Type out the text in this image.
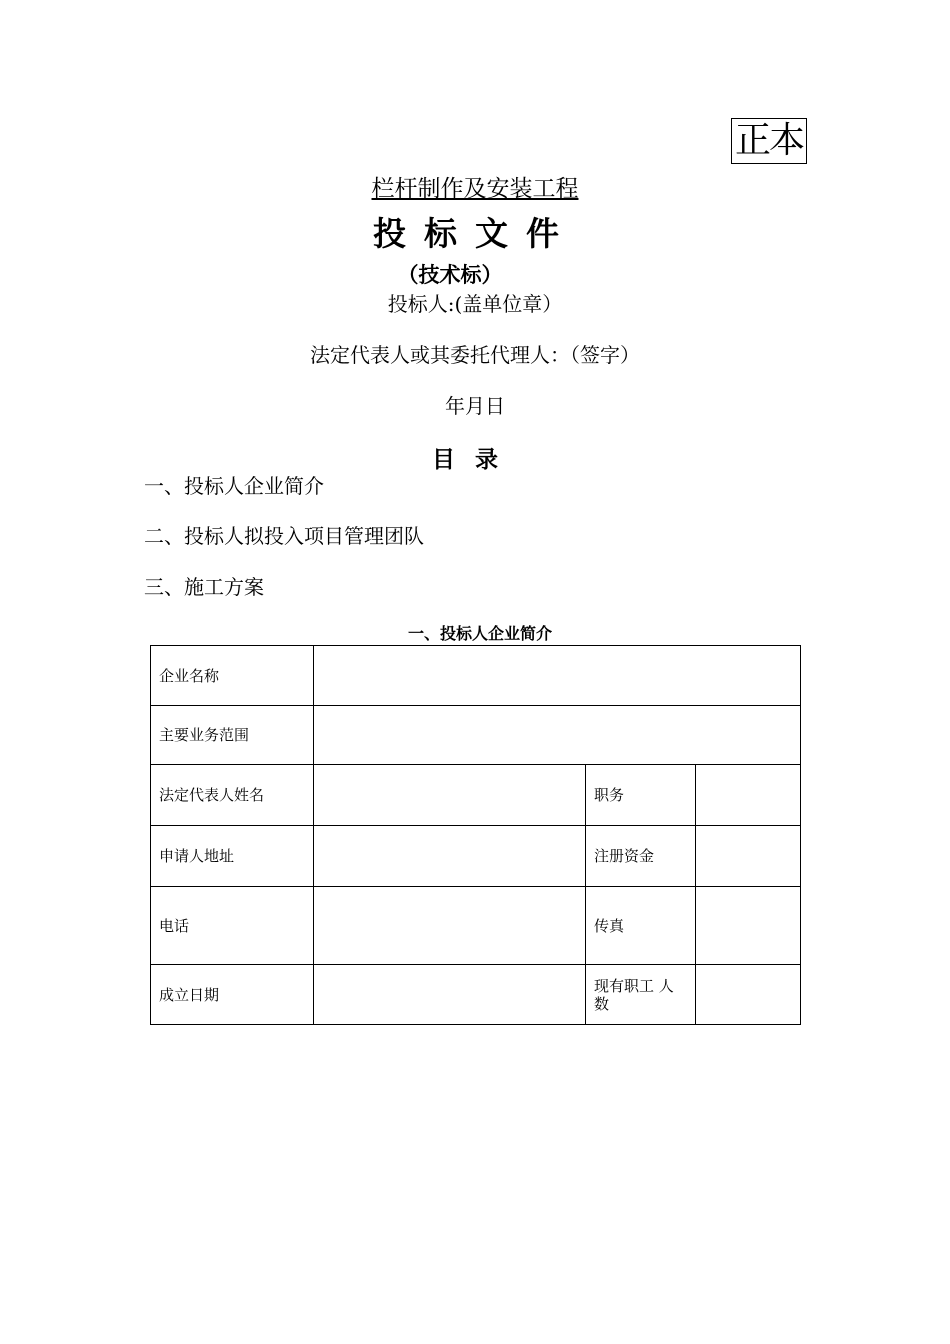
正本
栏杆制作及安装工程
投标文件
（技术标）
投标人:(盖单位章）
法定代表人或其委托代理人：（签字）
年月日
目录
一、投标人企业简介
二、投标人拟投入项目管理团队
三、施工方案
一、投标人企业简介
企业名称			
主要业务范围			
法定代表人姓名		职务	
申请人地址		注册资金	
电话		传真	
成立日期		现有职工 人数	
